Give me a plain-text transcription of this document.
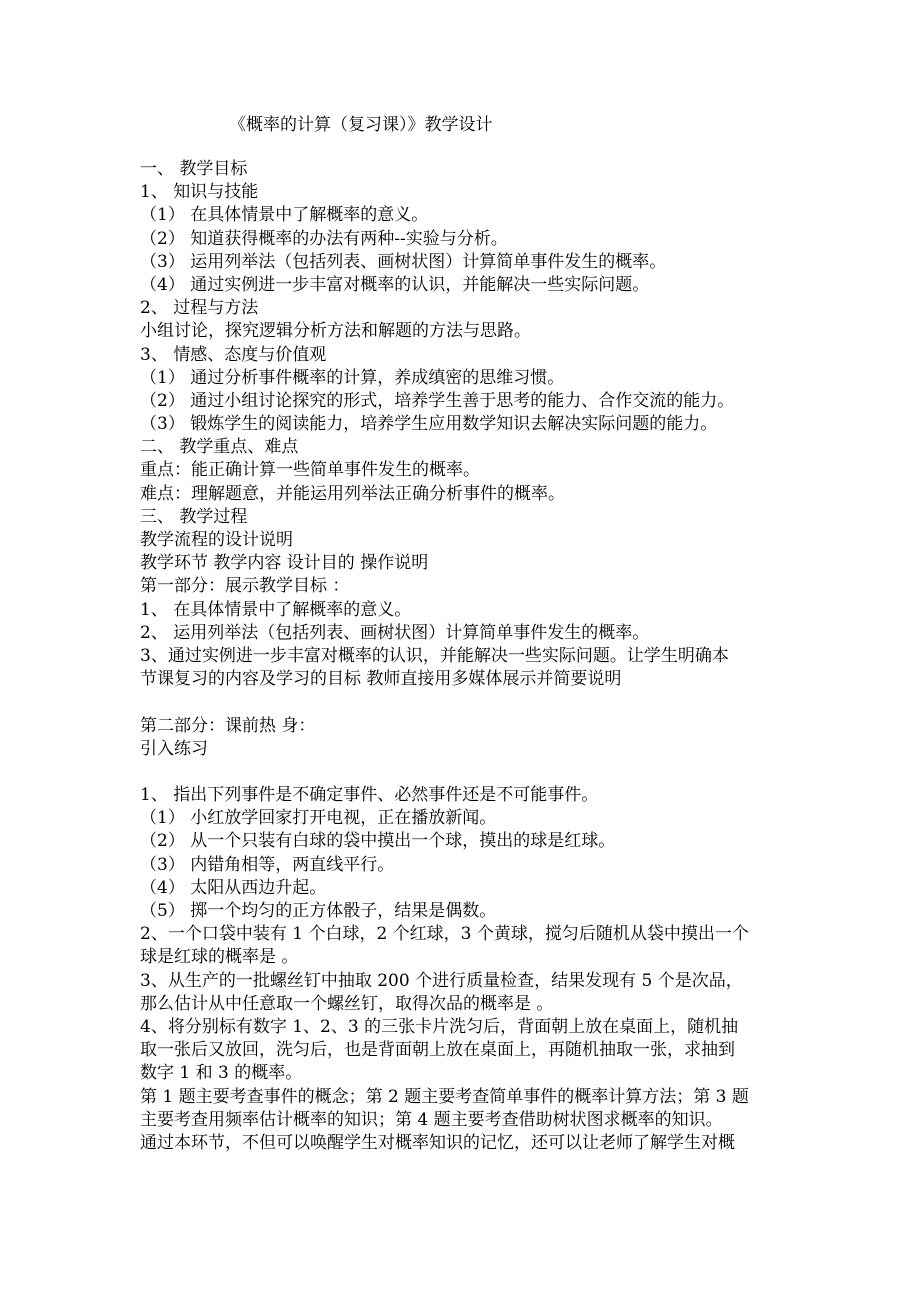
《概率的计算（复习课）》教学设计
一、 教学目标
1、 知识与技能
（1） 在具体情景中了解概率的意义。
（2） 知道获得概率的办法有两种--实验与分析。
（3） 运用列举法（包括列表、画树状图）计算简单事件发生的概率。
（4） 通过实例进一步丰富对概率的认识，并能解决一些实际问题。
2、 过程与方法
小组讨论，探究逻辑分析方法和解题的方法与思路。
3、 情感、态度与价值观
（1） 通过分析事件概率的计算，养成缜密的思维习惯。
（2） 通过小组讨论探究的形式，培养学生善于思考的能力、合作交流的能力。
（3） 锻炼学生的阅读能力，培养学生应用数学知识去解决实际问题的能力。
二、 教学重点、难点
重点：能正确计算一些简单事件发生的概率。
难点：理解题意，并能运用列举法正确分析事件的概率。
三、 教学过程
教学流程的设计说明
教学环节 教学内容 设计目的 操作说明
第一部分：展示教学目标 ：
1、 在具体情景中了解概率的意义。
2、 运用列举法（包括列表、画树状图）计算简单事件发生的概率。
3、通过实例进一步丰富对概率的认识，并能解决一些实际问题。让学生明确本
节课复习的内容及学习的目标 教师直接用多媒体展示并简要说明
第二部分：课前热 身：
引入练习
1、 指出下列事件是不确定事件、必然事件还是不可能事件。
（1） 小红放学回家打开电视，正在播放新闻。
（2） 从一个只装有白球的袋中摸出一个球，摸出的球是红球。
（3） 内错角相等，两直线平行。
（4） 太阳从西边升起。
（5） 掷一个均匀的正方体骰子，结果是偶数。
2、一个口袋中装有 1 个白球，2 个红球，3 个黄球，搅匀后随机从袋中摸出一个
球是红球的概率是 。
3、从生产的一批螺丝钉中抽取 200 个进行质量检查，结果发现有 5 个是次品，
那么估计从中任意取一个螺丝钉，取得次品的概率是 。
4、将分别标有数字 1、2、3 的三张卡片洗匀后，背面朝上放在桌面上，随机抽
取一张后又放回，洗匀后，也是背面朝上放在桌面上，再随机抽取一张，求抽到
数字 1 和 3 的概率。
第 1 题主要考查事件的概念；第 2 题主要考查简单事件的概率计算方法；第 3 题
主要考查用频率估计概率的知识；第 4 题主要考查借助树状图求概率的知识。
通过本环节，不但可以唤醒学生对概率知识的记忆，还可以让老师了解学生对概
